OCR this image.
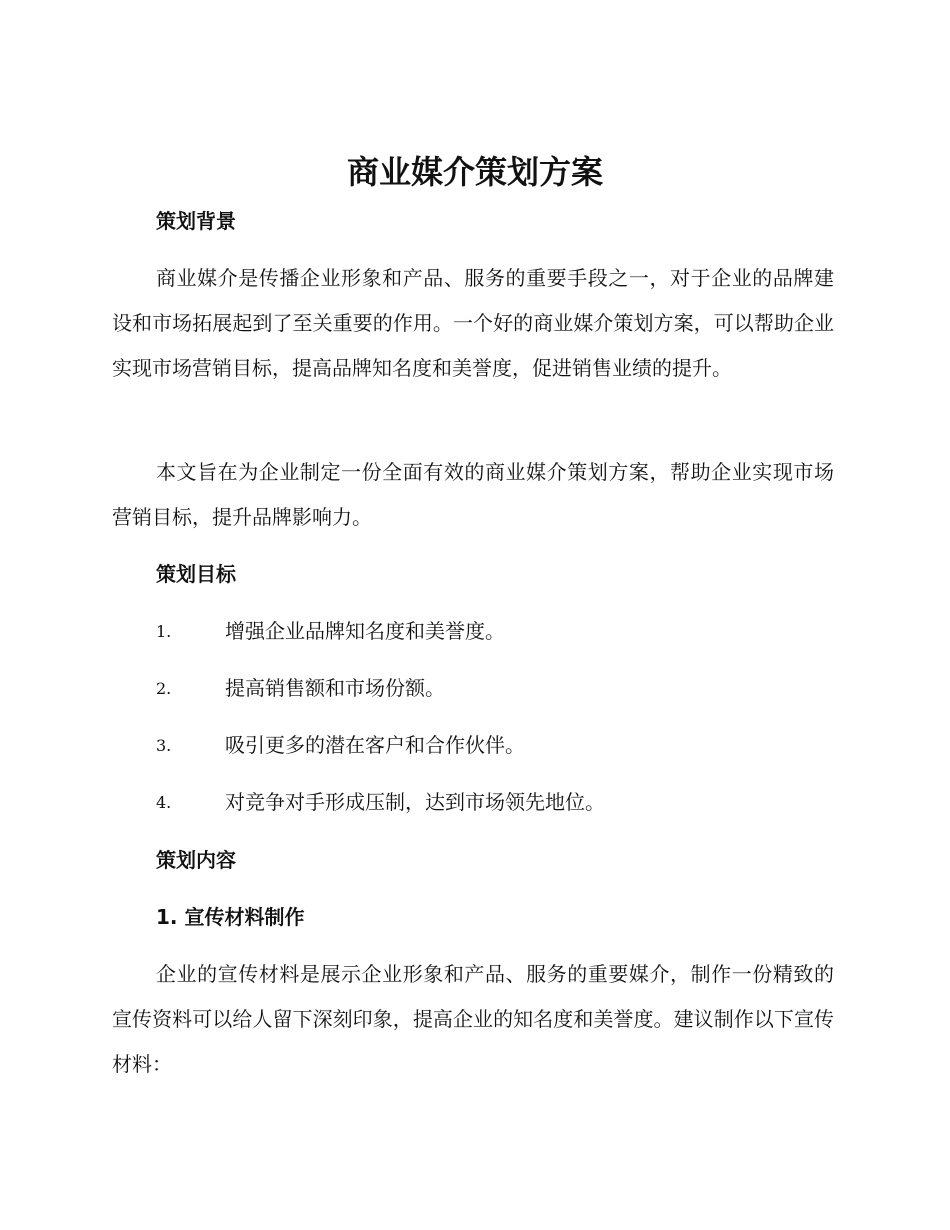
商业媒介策划方案
策划背景

商业媒介是传播企业形象和产品、服务的重要手段之一，对于企业的品牌建设和市场拓展起到了至关重要的作用。一个好的商业媒介策划方案，可以帮助企业实现市场营销目标，提高品牌知名度和美誉度，促进销售业绩的提升。

本文旨在为企业制定一份全面有效的商业媒介策划方案，帮助企业实现市场营销目标，提升品牌影响力。

策划目标
1.	增强企业品牌知名度和美誉度。
2.	提高销售额和市场份额。
3.	吸引更多的潜在客户和合作伙伴。
4.	对竞争对手形成压制，达到市场领先地位。
策划内容
1. 宣传材料制作

企业的宣传材料是展示企业形象和产品、服务的重要媒介，制作一份精致的宣传资料可以给人留下深刻印象，提高企业的知名度和美誉度。建议制作以下宣传材料：
